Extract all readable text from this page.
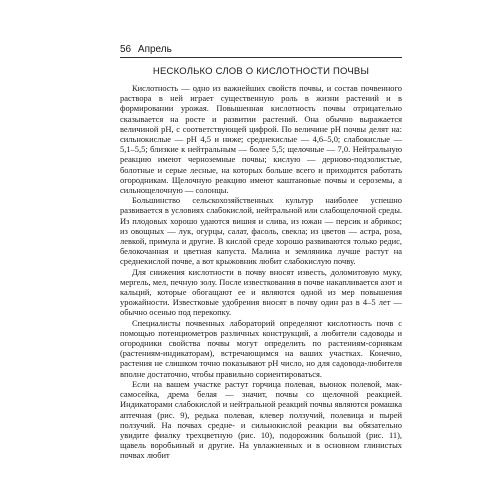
56 Апрель
НЕСКОЛЬКО СЛОВ О КИСЛОТНОСТИ ПОЧВЫ

Кислотность — одно из важнейших свойств почвы, и состав почвенного раствора в ней играет существенную роль в жизни растений и в формировании урожая. Повышенная кислотность почвы отрицательно сказывается на росте и развитии растений. Она обычно выражается величиной pH, с соответствующей цифрой. По величине pH почвы делят на: сильнокислые — pH 4,5 и ниже; среднекислые — 4,6–5,0; слабокислые — 5,1–5,5; близкие к нейтральным — более 5,5; щелочные — 7,0. Нейтральную реакцию имеют черноземные почвы; кислую — дерново-подзолистые, болотные и серые лесные, на которых больше всего и приходится работать огородникам. Щелочную реакцию имеют каштановые почвы и сероземы, а сильнощелочную — солонцы.

Большинство сельскохозяйственных культур наиболее успешно развивается в условиях слабокислой, нейтральной или слабощелочной среды. Из плодовых хорошо удаются вишня и слива, из южан — персик и абрикос; из овощных — лук, огурцы, салат, фасоль, свекла; из цветов — астра, роза, левкой, примула и другие. В кислой среде хорошо развиваются только редис, белокочанная и цветная капуста. Малина и земляника лучше растут на среднекислой почве, а вот крыжовник любит слабокислую почву.

Для снижения кислотности в почву вносят известь, доломитовую муку, мергель, мел, печную золу. После известкования в почве накапливается азот и кальций, которые обогащают ее и являются одной из мер повышения урожайности. Известковые удобрения вносят в почву один раз в 4–5 лет — обычно осенью под перекопку.

Специалисты почвенных лабораторий определяют кислотность почв с помощью потенциометров различных конструкций, а любители садоводы и огородники свойства почвы могут определить по растениям-сорнякам (растениям-индикаторам), встречающимся на ваших участках. Конечно, растения не слишком точно показывают pH число, но для садовода-любителя вполне достаточно, чтобы правильно сориентироваться.

Если на вашем участке растут горчица полевая, вьюнок полевой, мак-самосейка, дрема белая — значит, почвы со щелочной реакцией. Индикаторами слабокислой и нейтральной реакций почвы являются ромашка аптечная (рис. 9), редька полевая, клевер ползучий, полевица и пырей ползучий. На почвах средне- и сильнокислой реакции вы обязательно увидите фиалку трехцветную (рис. 10), подорожник большой (рис. 11), щавель воробьиный и другие. На увлажненных и в основном глинистых почвах любит
